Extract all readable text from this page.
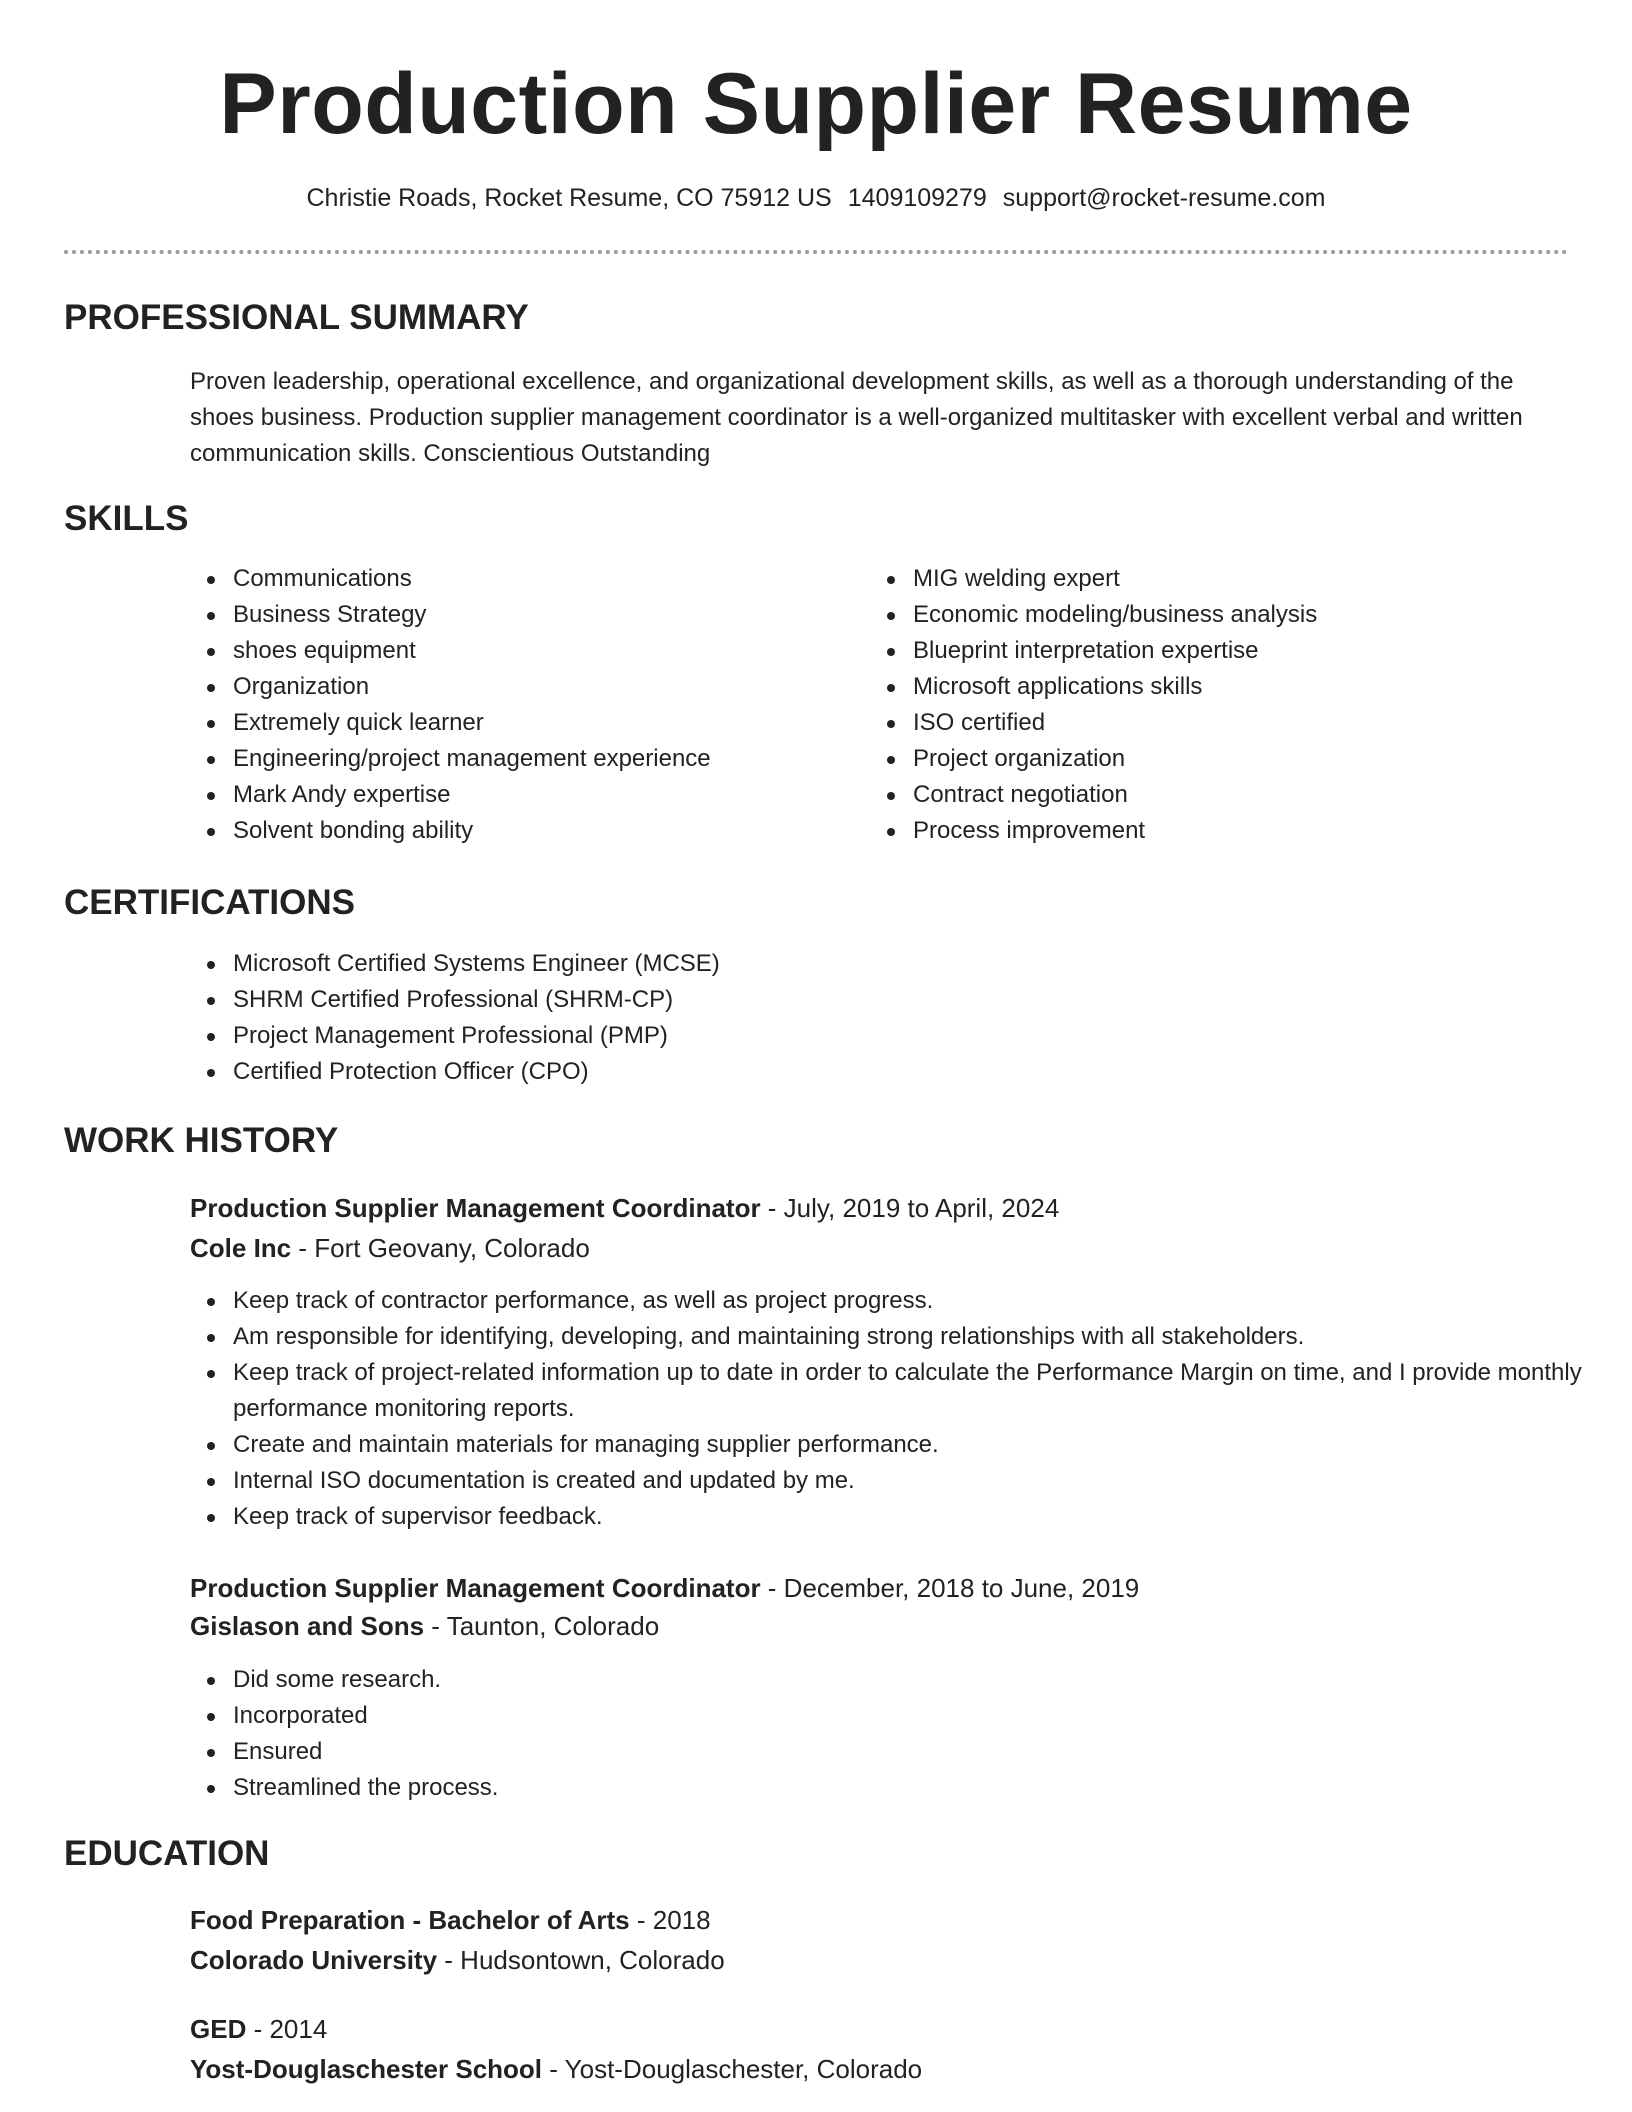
Production Supplier Resume
Christie Roads, Rocket Resume, CO 75912 US 1409109279 support@rocket-resume.com
PROFESSIONAL SUMMARY

Proven leadership, operational excellence, and organizational development skills, as well as a thorough understanding of the shoes business. Production supplier management coordinator is a well-organized multitasker with excellent verbal and written communication skills. Conscientious Outstanding

SKILLS
Communications
Business Strategy
shoes equipment
Organization
Extremely quick learner
Engineering/project management experience
Mark Andy expertise
Solvent bonding ability
MIG welding expert
Economic modeling/business analysis
Blueprint interpretation expertise
Microsoft applications skills
ISO certified
Project organization
Contract negotiation
Process improvement
CERTIFICATIONS
Microsoft Certified Systems Engineer (MCSE)
SHRM Certified Professional (SHRM-CP)
Project Management Professional (PMP)
Certified Protection Officer (CPO)
WORK HISTORY
Production Supplier Management Coordinator - July, 2019 to April, 2024
Cole Inc - Fort Geovany, Colorado
Keep track of contractor performance, as well as project progress.
Am responsible for identifying, developing, and maintaining strong relationships with all stakeholders.
Keep track of project-related information up to date in order to calculate the Performance Margin on time, and I provide monthly performance monitoring reports.
Create and maintain materials for managing supplier performance.
Internal ISO documentation is created and updated by me.
Keep track of supervisor feedback.
Production Supplier Management Coordinator - December, 2018 to June, 2019
Gislason and Sons - Taunton, Colorado
Did some research.
Incorporated
Ensured
Streamlined the process.
EDUCATION
Food Preparation - Bachelor of Arts - 2018
Colorado University - Hudsontown, Colorado
GED - 2014
Yost-Douglaschester School - Yost-Douglaschester, Colorado
